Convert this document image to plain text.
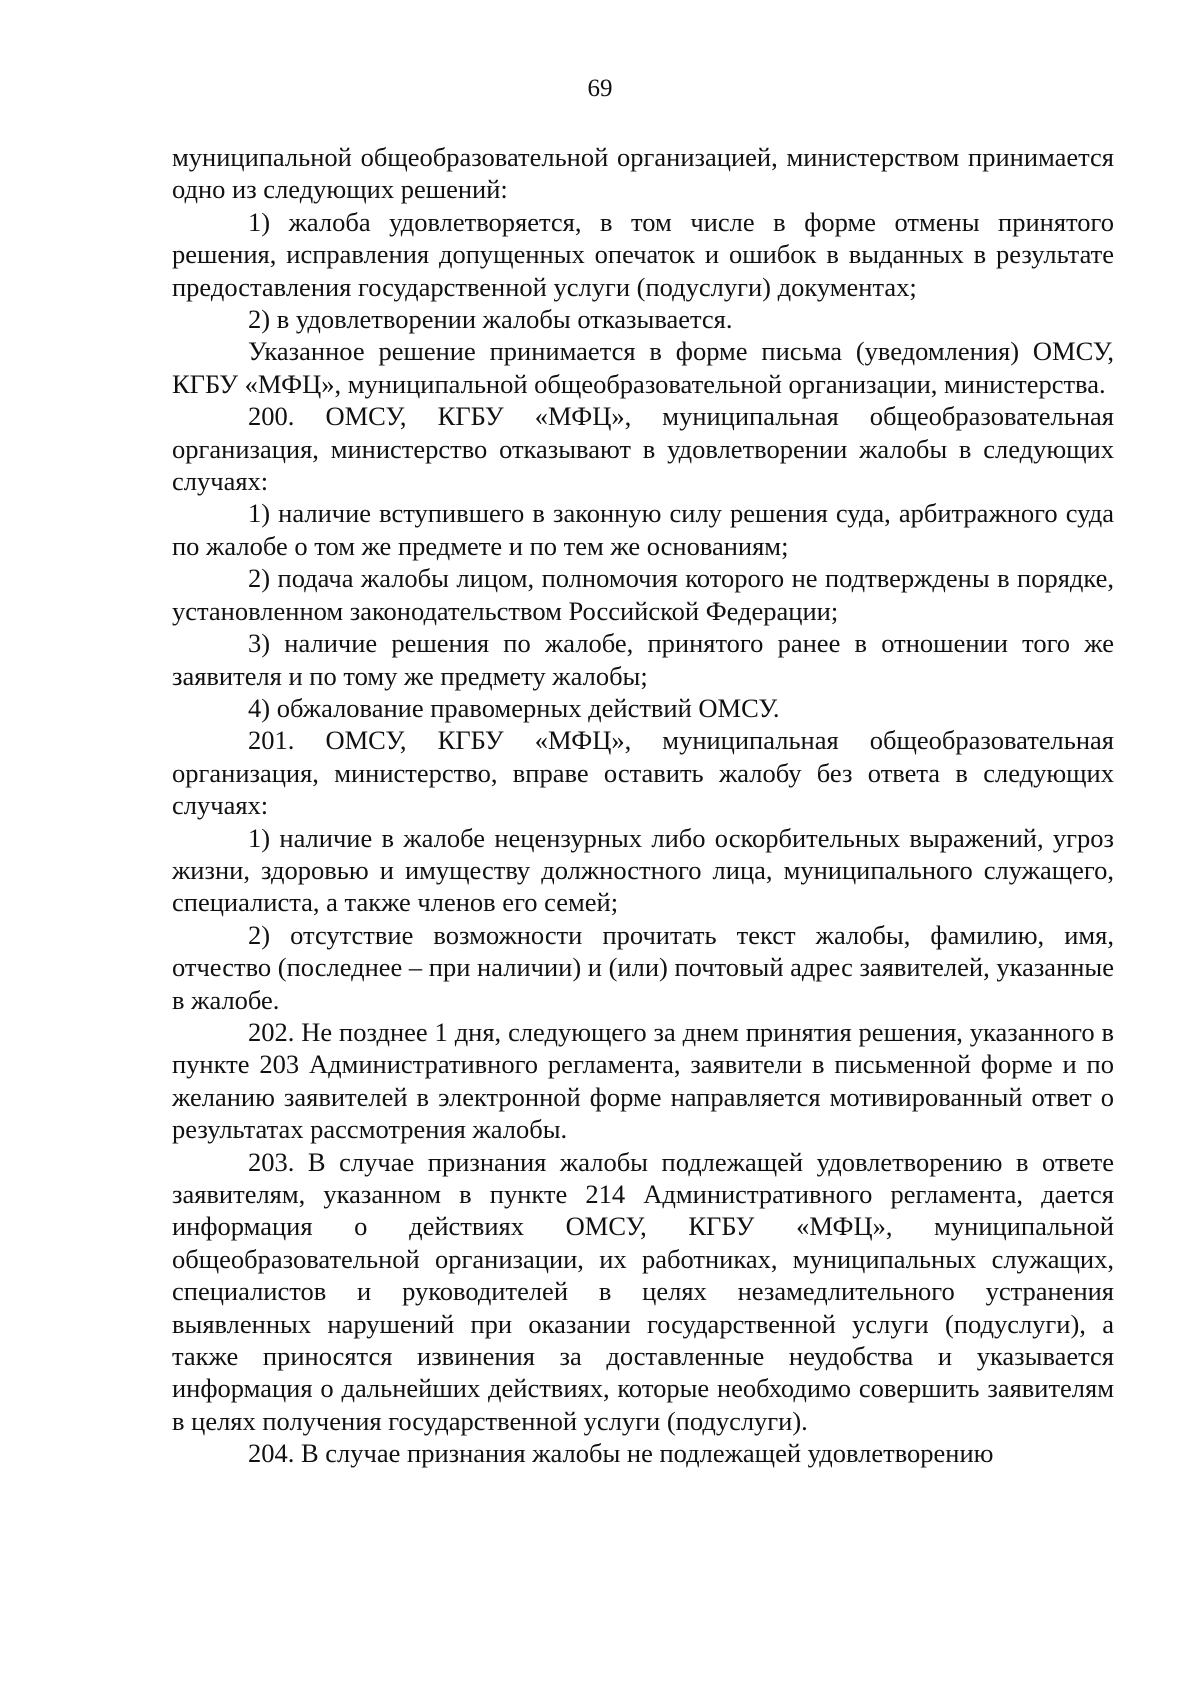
69

муниципальной общеобразовательной организацией, министерством принимается одно из следующих решений:

1) жалоба удовлетворяется, в том числе в форме отмены принятого решения, исправления допущенных опечаток и ошибок в выданных в результате предоставления государственной услуги (подуслуги) документах;

2) в удовлетворении жалобы отказывается.

Указанное решение принимается в форме письма (уведомления) ОМСУ, КГБУ «МФЦ», муниципальной общеобразовательной организации, министерства.

200. ОМСУ, КГБУ «МФЦ», муниципальная общеобразовательная организация, министерство отказывают в удовлетворении жалобы в следующих случаях:

1) наличие вступившего в законную силу решения суда, арбитражного суда по жалобе о том же предмете и по тем же основаниям;

2) подача жалобы лицом, полномочия которого не подтверждены в порядке, установленном законодательством Российской Федерации;

3) наличие решения по жалобе, принятого ранее в отношении того же заявителя и по тому же предмету жалобы;

4) обжалование правомерных действий ОМСУ.

201. ОМСУ, КГБУ «МФЦ», муниципальная общеобразовательная организация, министерство, вправе оставить жалобу без ответа в следующих случаях:

1) наличие в жалобе нецензурных либо оскорбительных выражений, угроз жизни, здоровью и имуществу должностного лица, муниципального служащего, специалиста, а также членов его семей;

2) отсутствие возможности прочитать текст жалобы, фамилию, имя, отчество (последнее – при наличии) и (или) почтовый адрес заявителей, указанные в жалобе.

202. Не позднее 1 дня, следующего за днем принятия решения, указанного в пункте 203 Административного регламента, заявители в письменной форме и по желанию заявителей в электронной форме направляется мотивированный ответ о результатах рассмотрения жалобы.

203. В случае признания жалобы подлежащей удовлетворению в ответе заявителям, указанном в пункте 214 Административного регламента, дается информация о действиях ОМСУ, КГБУ «МФЦ», муниципальной общеобразовательной организации, их работниках, муниципальных служащих, специалистов и руководителей в целях незамедлительного устранения выявленных нарушений при оказании государственной услуги (подуслуги), а также приносятся извинения за доставленные неудобства и указывается информация о дальнейших действиях, которые необходимо совершить заявителям в целях получения государственной услуги (подуслуги).

204. В случае признания жалобы не подлежащей удовлетворению
